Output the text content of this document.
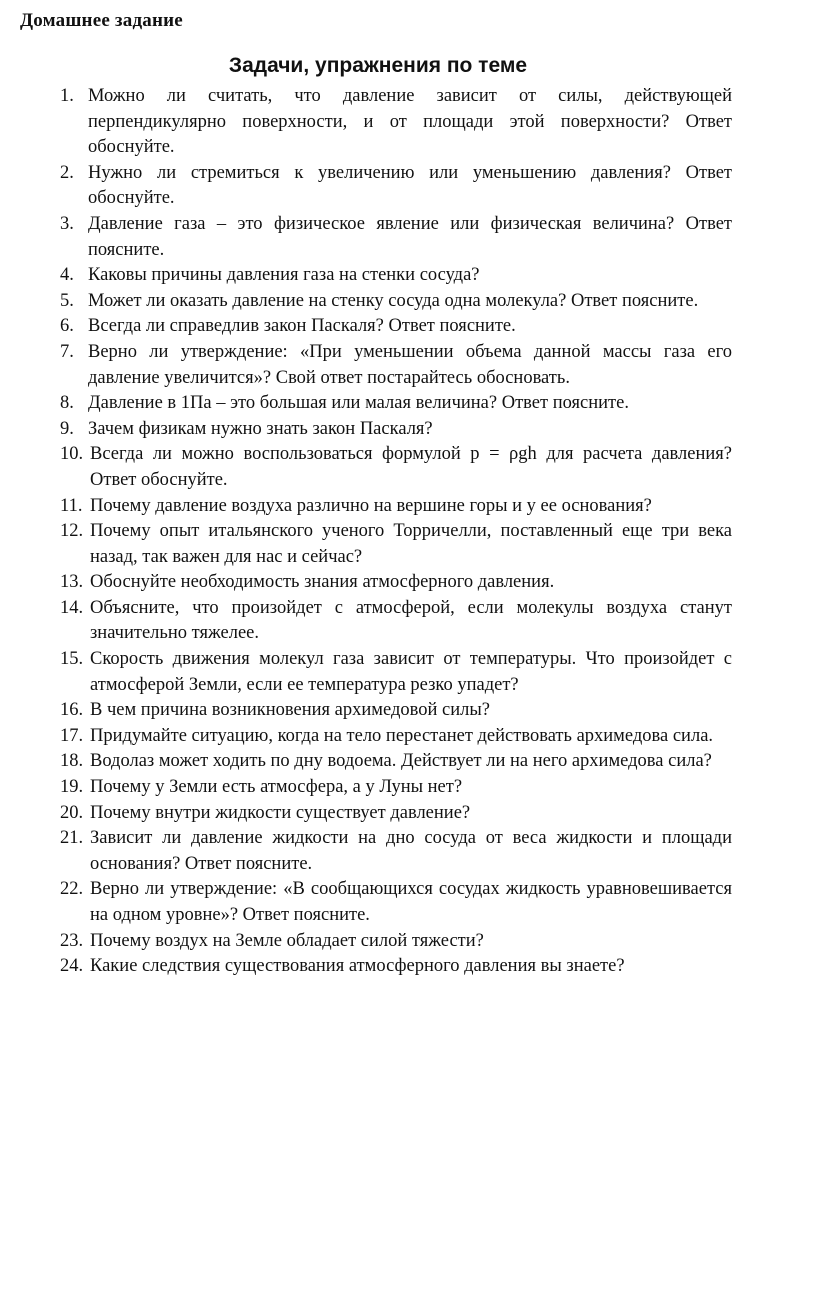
Домашнее задание
Задачи, упражнения по теме
1. Можно ли считать, что давление зависит от силы, действующей перпендикулярно поверхности, и от площади этой поверхности? Ответ обоснуйте.
2. Нужно ли стремиться к увеличению или уменьшению давления? Ответ обоснуйте.
3. Давление газа – это физическое явление или физическая величина? Ответ поясните.
4. Каковы причины давления газа на стенки сосуда?
5. Может ли оказать давление на стенку сосуда одна молекула? Ответ поясните.
6. Всегда ли справедлив закон Паскаля? Ответ поясните.
7. Верно ли утверждение: «При уменьшении объема данной массы газа его давление увеличится»? Свой ответ постарайтесь обосновать.
8. Давление в 1Па – это большая или малая величина? Ответ поясните.
9. Зачем физикам нужно знать закон Паскаля?
10. Всегда ли можно воспользоваться формулой p = ρgh для расчета давления? Ответ обоснуйте.
11. Почему давление воздуха различно на вершине горы и у ее основания?
12. Почему опыт итальянского ученого Торричелли, поставленный еще три века назад, так важен для нас и сейчас?
13. Обоснуйте необходимость знания атмосферного давления.
14. Объясните, что произойдет с атмосферой, если молекулы воздуха станут значительно тяжелее.
15. Скорость движения молекул газа зависит от температуры. Что произойдет с атмосферой Земли, если ее температура резко упадет?
16. В чем причина возникновения архимедовой силы?
17. Придумайте ситуацию, когда на тело перестанет действовать архимедова сила.
18. Водолаз может ходить по дну водоема. Действует ли на него архимедова сила?
19. Почему у Земли есть атмосфера, а у Луны нет?
20. Почему внутри жидкости существует давление?
21. Зависит ли давление жидкости на дно сосуда от веса жидкости и площади основания? Ответ поясните.
22. Верно ли утверждение: «В сообщающихся сосудах жидкость уравновешивается на одном уровне»? Ответ поясните.
23. Почему воздух на Земле обладает силой тяжести?
24. Какие следствия существования атмосферного давления вы знаете?
